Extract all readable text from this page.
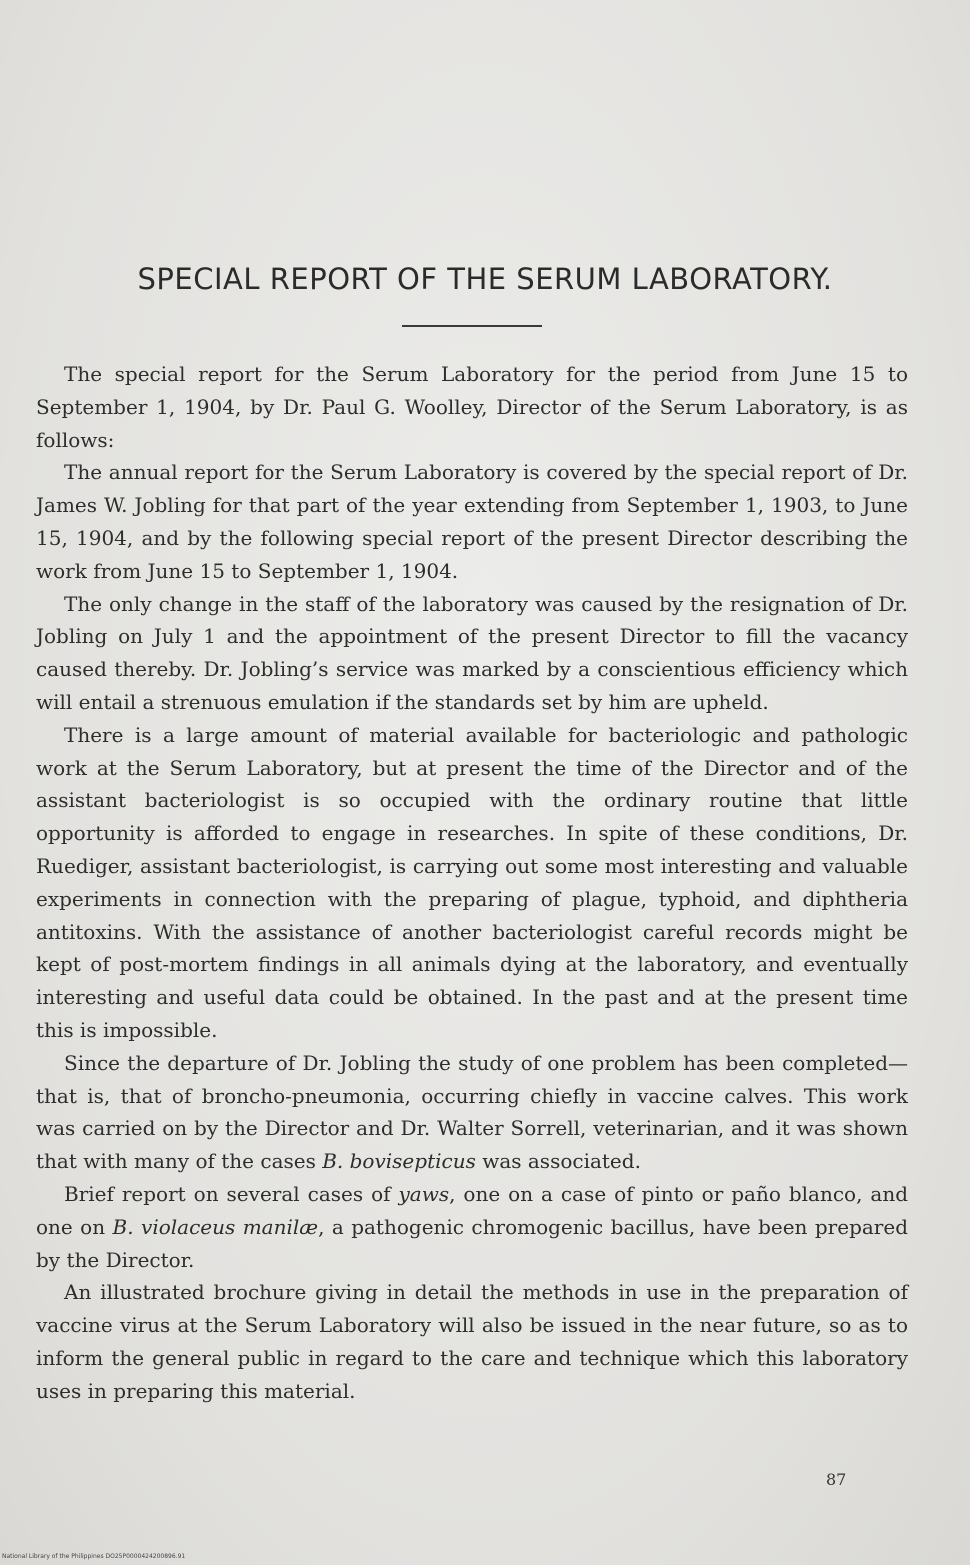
SPECIAL REPORT OF THE SERUM LABORATORY.

The special report for the Serum Laboratory for the period from June 15 to September 1, 1904, by Dr. Paul G. Woolley, Director of the Serum Laboratory, is as follows:

The annual report for the Serum Laboratory is covered by the special report of Dr. James W. Jobling for that part of the year extending from September 1, 1903, to June 15, 1904, and by the following special report of the present Director describing the work from June 15 to September 1, 1904.

The only change in the staff of the laboratory was caused by the resignation of Dr. Jobling on July 1 and the appointment of the present Director to fill the vacancy caused thereby. Dr. Jobling’s service was marked by a conscientious efficiency which will entail a strenuous emulation if the standards set by him are upheld.

There is a large amount of material available for bacteriologic and pathologic work at the Serum Laboratory, but at present the time of the Director and of the assistant bacteriologist is so occupied with the ordinary routine that little opportunity is afforded to engage in researches. In spite of these conditions, Dr. Ruediger, assistant bacteriologist, is carrying out some most interesting and valuable experiments in connection with the preparing of plague, typhoid, and diphtheria antitoxins. With the assistance of another bacteriologist careful records might be kept of post-mortem findings in all animals dying at the laboratory, and eventually interesting and useful data could be obtained. In the past and at the present time this is impossible.

Since the departure of Dr. Jobling the study of one problem has been completed—that is, that of broncho-pneumonia, occurring chiefly in vaccine calves. This work was carried on by the Director and Dr. Walter Sorrell, veterinarian, and it was shown that with many of the cases B. bovisepticus was associated.

Brief report on several cases of yaws, one on a case of pinto or paño blanco, and one on B. violaceus manilæ, a pathogenic chromogenic bacillus, have been prepared by the Director.

An illustrated brochure giving in detail the methods in use in the preparation of vaccine virus at the Serum Laboratory will also be issued in the near future, so as to inform the general public in regard to the care and technique which this laboratory uses in preparing this material.

87
National Library of the Philippines DO25P0000424200896.91
